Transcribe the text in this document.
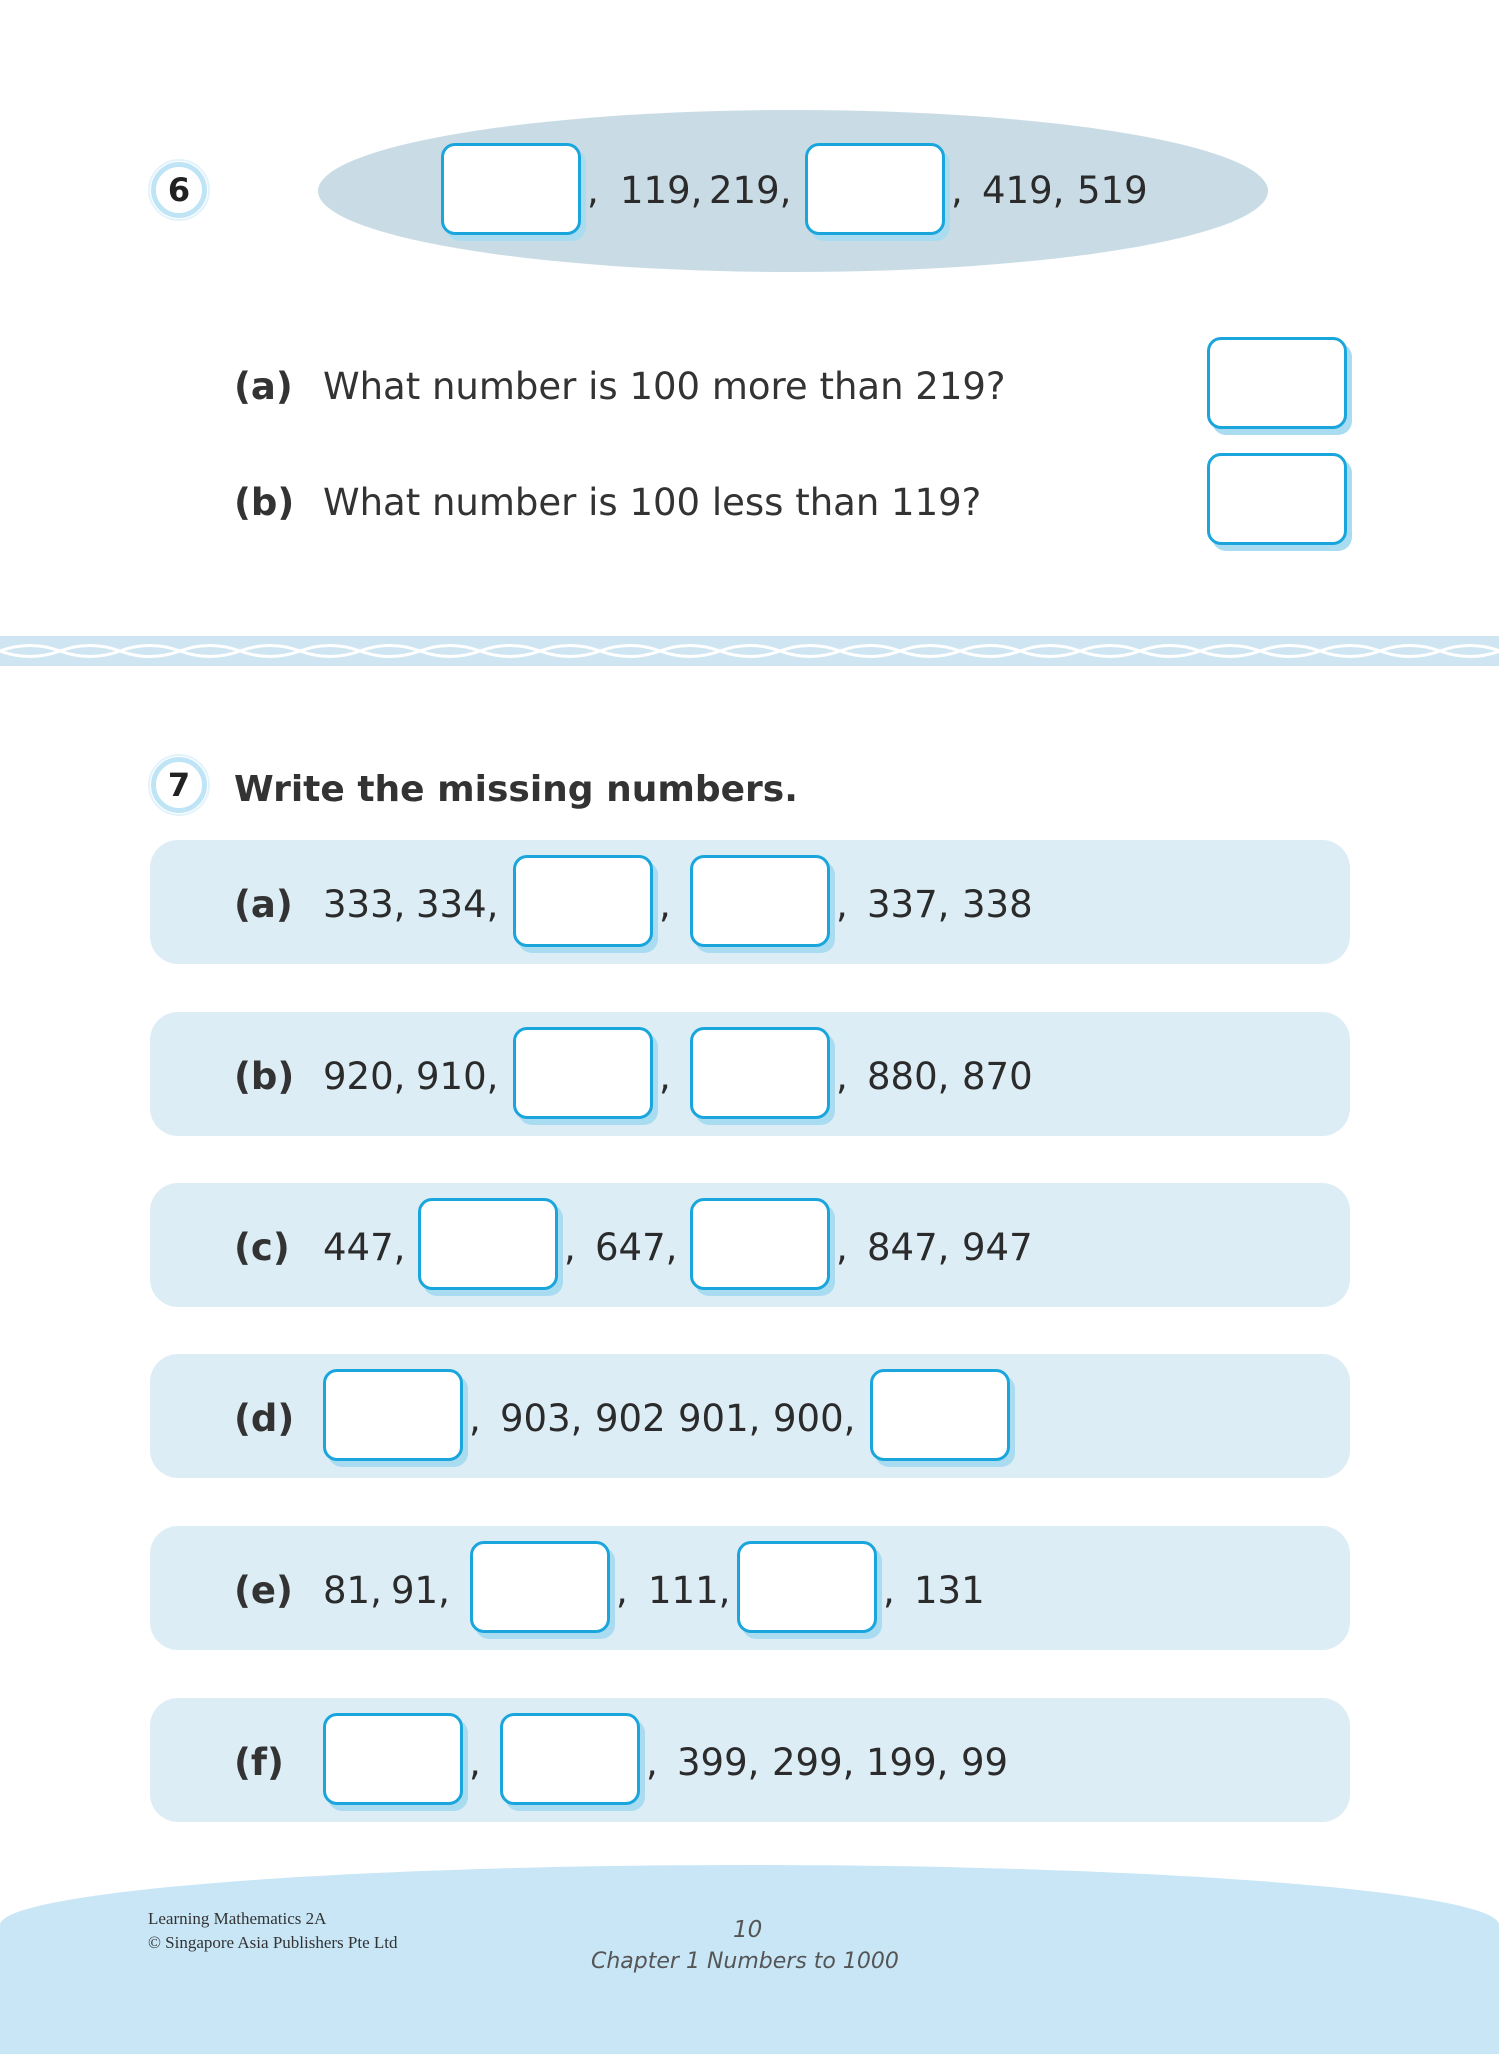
6	, 119, 219,	, 419, 519
(a) What number is 100 more than 219?
(b) What number is 100 less than 119?
7	Write the missing numbers.
(a) 333, 334,	,	, 337, 338
(b) 920, 910,	,	, 880, 870
(c) 447,	, 647,	, 847, 947
(d)	, 903, 902 901, 900,
(e) 81, 91,	, 111,	, 131
(f)	,	, 399, 299, 199, 99
Learning Mathematics 2A
© Singapore Asia Publishers Pte Ltd	10
Chapter 1 Numbers to 1000
